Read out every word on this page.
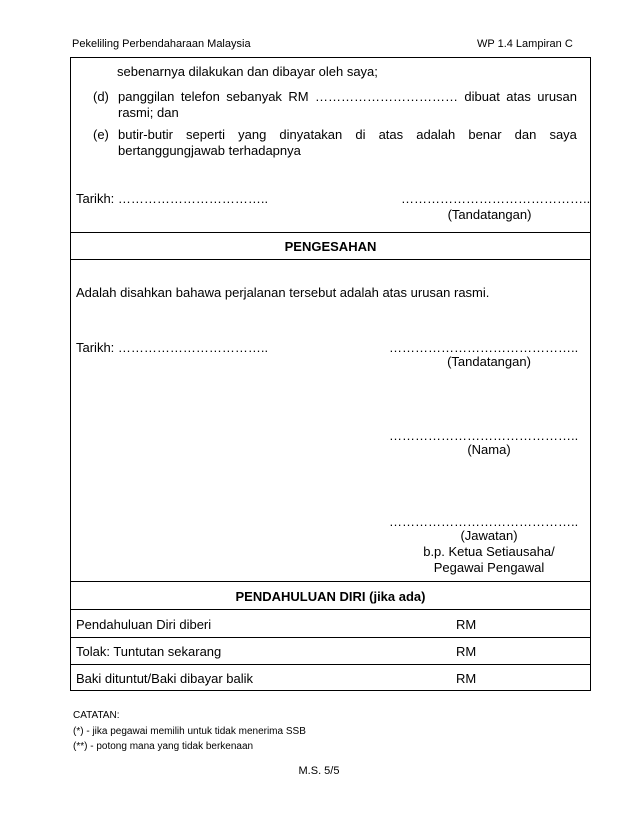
Pekeliling Perbendaharaan Malaysia	WP 1.4 Lampiran C
sebenarnya dilakukan dan dibayar oleh saya;
(d) panggilan telefon sebanyak RM …………………………… dibuat atas urusan
rasmi; dan
(e) butir-butir seperti yang dinyatakan di atas adalah benar dan saya
bertanggungjawab terhadapnya
Tarikh: ……………………………..	……………………………………..
(Tandatangan)
PENGESAHAN
Adalah disahkan bahawa perjalanan tersebut adalah atas urusan rasmi.
Tarikh: ……………………………..	……………………………………..
(Tandatangan)
……………………………………..
(Nama)
……………………………………..
(Jawatan)
b.p. Ketua Setiausaha/
Pegawai Pengawal
PENDAHULUAN DIRI (jika ada)
Pendahuluan Diri diberi	RM
Tolak: Tuntutan sekarang	RM
Baki dituntut/Baki dibayar balik	RM
CATATAN:
(*) - jika pegawai memilih untuk tidak menerima SSB
(**) - potong mana yang tidak berkenaan
M.S. 5/5
